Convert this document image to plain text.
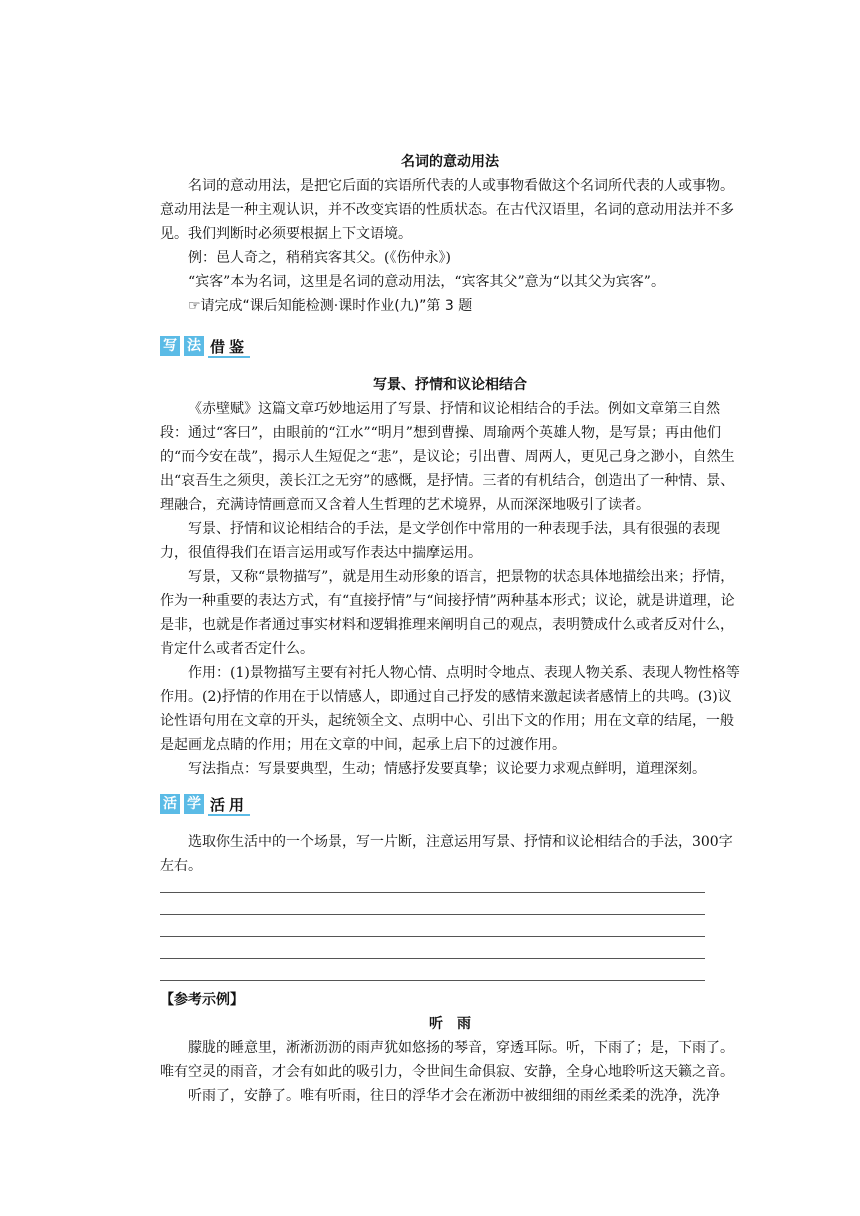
名词的意动用法

名词的意动用法，是把它后面的宾语所代表的人或事物看做这个名词所代表的人或事物。意动用法是一种主观认识，并不改变宾语的性质状态。在古代汉语里，名词的意动用法并不多见。我们判断时必须要根据上下文语境。

例：邑人奇之，稍稍宾客其父。(《伤仲永》)

“宾客”本为名词，这里是名词的意动用法，“宾客其父”意为“以其父为宾客”。

☞请完成“课后知能检测·课时作业(九)”第 3 题

写 法 借鉴
写景、抒情和议论相结合

《赤壁赋》这篇文章巧妙地运用了写景、抒情和议论相结合的手法。例如文章第三自然段：通过“客曰”，由眼前的“江水”“明月”想到曹操、周瑜两个英雄人物，是写景；再由他们的“而今安在哉”，揭示人生短促之“悲”，是议论；引出曹、周两人，更见己身之渺小，自然生出“哀吾生之须臾，羡长江之无穷”的感慨，是抒情。三者的有机结合，创造出了一种情、景、理融合，充满诗情画意而又含着人生哲理的艺术境界，从而深深地吸引了读者。

写景、抒情和议论相结合的手法，是文学创作中常用的一种表现手法，具有很强的表现力，很值得我们在语言运用或写作表达中揣摩运用。

写景，又称“景物描写”，就是用生动形象的语言，把景物的状态具体地描绘出来；抒情，作为一种重要的表达方式，有“直接抒情”与“间接抒情”两种基本形式；议论，就是讲道理，论是非，也就是作者通过事实材料和逻辑推理来阐明自己的观点，表明赞成什么或者反对什么，肯定什么或者否定什么。

作用：(1)景物描写主要有衬托人物心情、点明时令地点、表现人物关系、表现人物性格等作用。(2)抒情的作用在于以情感人，即通过自己抒发的感情来激起读者感情上的共鸣。(3)议论性语句用在文章的开头，起统领全文、点明中心、引出下文的作用；用在文章的结尾，一般是起画龙点睛的作用；用在文章的中间，起承上启下的过渡作用。

写法指点：写景要典型，生动；情感抒发要真挚；议论要力求观点鲜明，道理深刻。

活 学 活用

选取你生活中的一个场景，写一片断，注意运用写景、抒情和议论相结合的手法，300字左右。

【参考示例】
听　雨

朦胧的睡意里，淅淅沥沥的雨声犹如悠扬的琴音，穿透耳际。听，下雨了；是，下雨了。唯有空灵的雨音，才会有如此的吸引力，令世间生命俱寂、安静，全身心地聆听这天籁之音。

听雨了，安静了。唯有听雨，往日的浮华才会在淅沥中被细细的雨丝柔柔的洗净，洗净
